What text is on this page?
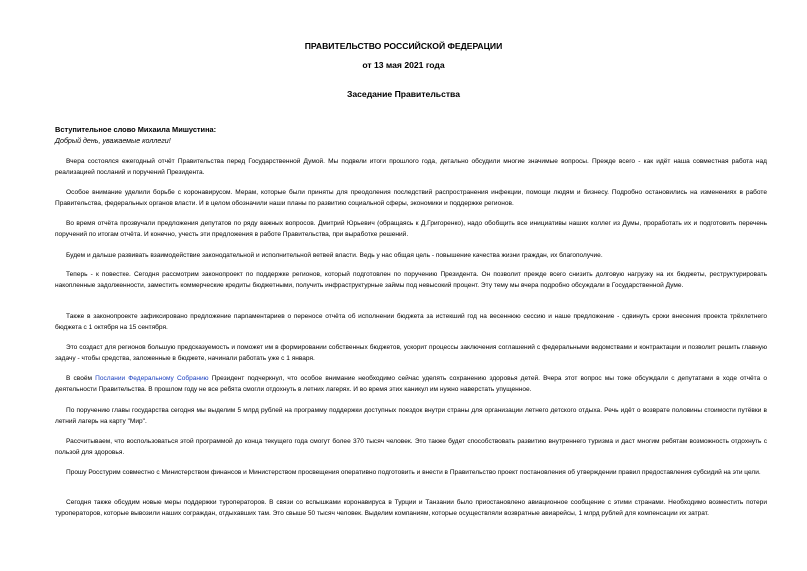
ПРАВИТЕЛЬСТВО РОССИЙСКОЙ ФЕДЕРАЦИИ
от 13 мая 2021 года
Заседание Правительства
Вступительное слово Михаила Мишустина:
Добрый день, уважаемые коллеги!
Вчера состоялся ежегодный отчёт Правительства перед Государственной Думой. Мы подвели итоги прошлого года, детально обсудили многие значимые вопросы. Прежде всего - как идёт наша совместная работа над реализацией посланий и поручений Президента.
Особое внимание уделили борьбе с коронавирусом. Мерам, которые были приняты для преодоления последствий распространения инфекции, помощи людям и бизнесу. Подробно остановились на изменениях в работе Правительства, федеральных органов власти. И в целом обозначили наши планы по развитию социальной сферы, экономики и поддержке регионов.
Во время отчёта прозвучали предложения депутатов по ряду важных вопросов. Дмитрий Юрьевич (обращаясь к Д.Григоренко), надо обобщить все инициативы наших коллег из Думы, проработать их и подготовить перечень поручений по итогам отчёта. И конечно, учесть эти предложения в работе Правительства, при выработке решений.
Будем и дальше развивать взаимодействие законодательной и исполнительной ветвей власти. Ведь у нас общая цель - повышение качества жизни граждан, их благополучие.
Теперь - к повестке. Сегодня рассмотрим законопроект по поддержке регионов, который подготовлен по поручению Президента. Он позволит прежде всего снизить долговую нагрузку на их бюджеты, реструктурировать накопленные задолженности, заместить коммерческие кредиты бюджетными, получить инфраструктурные займы под невысокий процент. Эту тему мы вчера подробно обсуждали в Государственной Думе.
Также в законопроекте зафиксировано предложение парламентариев о переносе отчёта об исполнении бюджета за истекший год на весеннюю сессию и наше предложение - сдвинуть сроки внесения проекта трёхлетнего бюджета с 1 октября на 15 сентября.
Это создаст для регионов большую предсказуемость и поможет им в формировании собственных бюджетов, ускорит процессы заключения соглашений с федеральными ведомствами и контрактации и позволит решить главную задачу - чтобы средства, заложенные в бюджете, начинали работать уже с 1 января.
В своём Послании Федеральному Собранию Президент подчеркнул, что особое внимание необходимо сейчас уделять сохранению здоровья детей. Вчера этот вопрос мы тоже обсуждали с депутатами в ходе отчёта о деятельности Правительства. В прошлом году не все ребята смогли отдохнуть в летних лагерях. И во время этих каникул им нужно наверстать упущенное.
По поручению главы государства сегодня мы выделим 5 млрд рублей на программу поддержки доступных поездок внутри страны для организации летнего детского отдыха. Речь идёт о возврате половины стоимости путёвки в летний лагерь на карту "Мир".
Рассчитываем, что воспользоваться этой программой до конца текущего года смогут более 370 тысяч человек. Это также будет способствовать развитию внутреннего туризма и даст многим ребятам возможность отдохнуть с пользой для здоровья.
Прошу Росстурим совместно с Министерством финансов и Министерством просвещения оперативно подготовить и внести в Правительство проект постановления об утверждении правил предоставления субсидий на эти цели.
Сегодня также обсудим новые меры поддержки туроператоров. В связи со вспышками коронавируса в Турции и Танзании было приостановлено авиационное сообщение с этими странами. Необходимо возместить потери туроператоров, которые вывозили наших сограждан, отдыхавших там. Это свыше 50 тысяч человек. Выделим компаниям, которые осуществляли возвратные авиарейсы, 1 млрд рублей для компенсации их затрат.
